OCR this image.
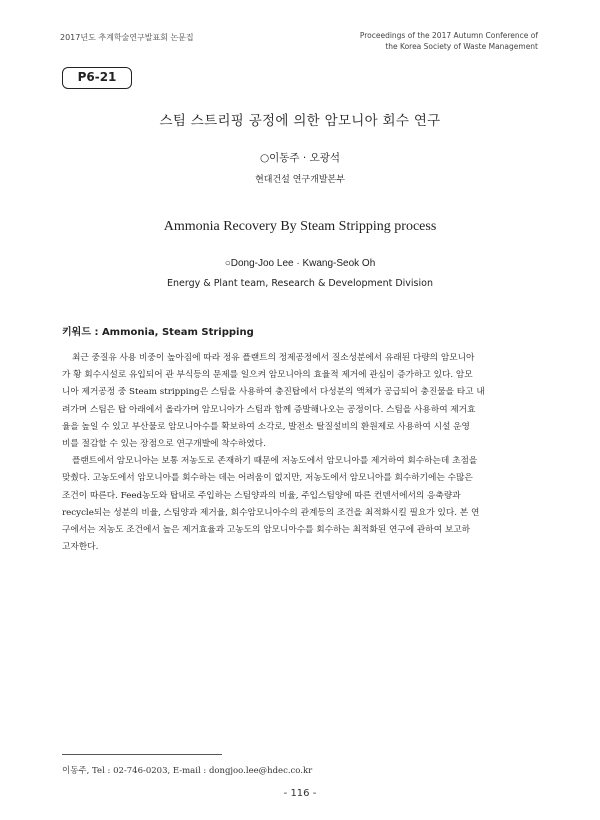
2017년도 추계학술연구발표회 논문집	Proceedings of the 2017 Autumn Conference of
the Korea Society of Waste Management
P6-21
스팀 스트리핑 공정에 의한 암모니아 회수 연구
○이동주 · 오광석
현대건설 연구개발본부
Ammonia Recovery By Steam Stripping process
○Dong-Joo Lee · Kwang-Seok Oh
Energy & Plant team, Research & Development Division
키워드 : Ammonia, Steam Stripping
최근 중질유 사용 비중이 높아짐에 따라 정유 플랜트의 정제공정에서 질소성분에서 유래된 다량의 암모니아
가 황 회수시설로 유입되어 관 부식등의 문제를 일으켜 암모니아의 효율적 제거에 관심이 증가하고 있다. 암모
니아 제거공정 중 Steam stripping은 스팀을 사용하여 충진탑에서 다성분의 액체가 공급되어 충진물을 타고 내
려가며 스팀은 탑 아래에서 올라가며 암모니아가 스팀과 함께 증발해나오는 공정이다. 스팀을 사용하여 제거효
율을 높일 수 있고 부산물로 암모니아수를 확보하여 소각로, 발전소 탈질설비의 환원제로 사용하여 시설 운영
비를 절감할 수 있는 장점으로 연구개발에 착수하였다.
플랜트에서 암모니아는 보통 저농도로 존재하기 때문에 저농도에서 암모니아를 제거하여 회수하는데 초점을
맞췄다. 고농도에서 암모니아를 회수하는 데는 어려움이 없지만, 저농도에서 암모니아를 회수하기에는 수많은
조건이 따른다. Feed농도와 탑내로 주입하는 스팀양과의 비율, 주입스팀양에 따른 컨덴서에서의 응축량과
recycle되는 성분의 비율, 스팀양과 제거율, 회수암모니아수의 관계등의 조건을 최적화시킬 필요가 있다. 본 연
구에서는 저농도 조건에서 높은 제거효율과 고농도의 암모니아수를 회수하는 최적화된 연구에 관하여 보고하
고자한다.
이동주, Tel : 02-746-0203, E-mail : dongjoo.lee@hdec.co.kr
- 116 -
